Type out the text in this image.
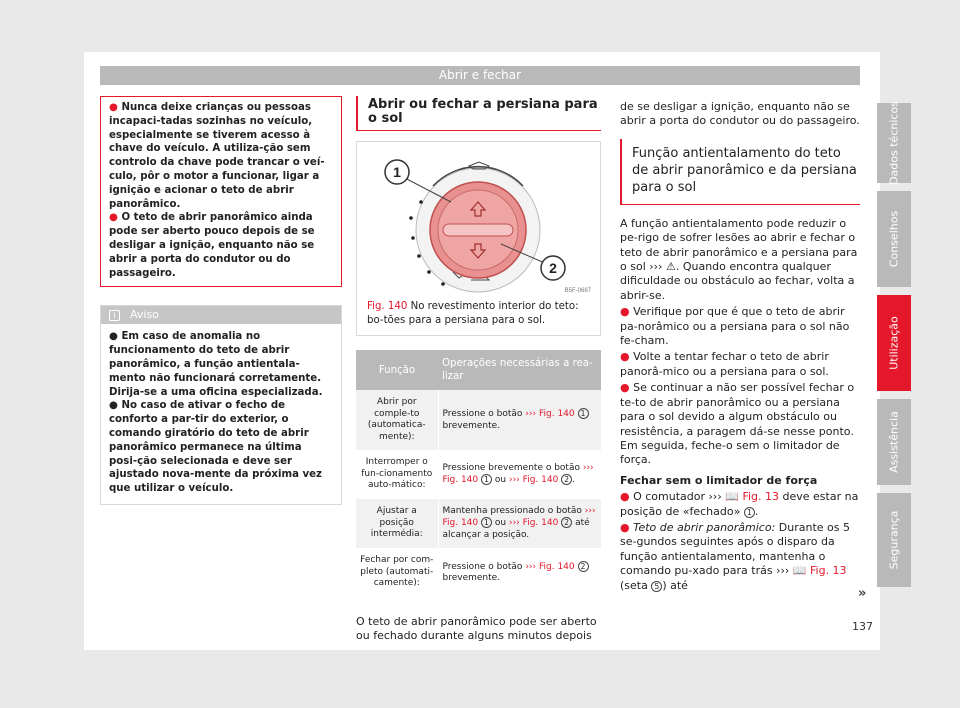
Abrir e fechar
Dados técnicos
Conselhos
Utilização
Assistência
Segurança

● Nunca deixe crianças ou pessoas incapaci-tadas sozinhas no veículo, especialmente se tiverem acesso à chave do veículo. A utiliza-ção sem controlo da chave pode trancar o veí-culo, pôr o motor a funcionar, ligar a ignição e acionar o teto de abrir panorâmico.

● O teto de abrir panorâmico ainda pode ser aberto pouco depois de se desligar a ignição, enquanto não se abrir a porta do condutor ou do passageiro.

i Aviso

● Em caso de anomalia no funcionamento do teto de abrir panorâmico, a função antientala-mento não funcionará corretamente. Dirija-se a uma oficina especializada.

● No caso de ativar o fecho de conforto a par-tir do exterior, o comando giratório do teto de abrir panorâmico permanece na última posi-ção selecionada e deve ser ajustado nova-mente da próxima vez que utilizar o veículo.

Abrir ou fechar a persiana para o sol
1
2
B5F-0687
Fig. 140 No revestimento interior do teto: bo-tões para a persiana para o sol.
Função	Operações necessárias a rea-lizar
Abrir por comple-to (automatica-mente):	Pressione o botão ››› Fig. 140 1 brevemente.
Interromper o fun-cionamento auto-mático:	Pressione brevemente o botão ››› Fig. 140 1 ou ››› Fig. 140 2 .
Ajustar a posição intermédia:	Mantenha pressionado o botão ››› Fig. 140 1 ou ››› Fig. 140 2 até alcançar a posição.
Fechar por com-pleto (automati-camente):	Pressione o botão ››› Fig. 140 2 brevemente.
O teto de abrir panorâmico pode ser aberto ou fechado durante alguns minutos depois

de se desligar a ignição, enquanto não se abrir a porta do condutor ou do passageiro.

Função antientalamento do teto de abrir panorâmico e da persiana para o sol

A função antientalamento pode reduzir o pe-rigo de sofrer lesões ao abrir e fechar o teto de abrir panorâmico e a persiana para o sol ››› ⚠. Quando encontra qualquer dificuldade ou obstáculo ao fechar, volta a abrir-se.

● Verifique por que é que o teto de abrir pa-norâmico ou a persiana para o sol não fe-cham.

● Volte a tentar fechar o teto de abrir panorâ-mico ou a persiana para o sol.

● Se continuar a não ser possível fechar o te-to de abrir panorâmico ou a persiana para o sol devido a algum obstáculo ou resistência, a paragem dá-se nesse ponto. Em seguida, feche-o sem o limitador de força.

Fechar sem o limitador de força

● O comutador ››› 📖 Fig. 13 deve estar na posição de «fechado» 1 .

● Teto de abrir panorâmico: Durante os 5 se-gundos seguintes após o disparo da função antientalamento, mantenha o comando pu-xado para trás ››› 📖 Fig. 13 (seta 5 ) até

»
137
